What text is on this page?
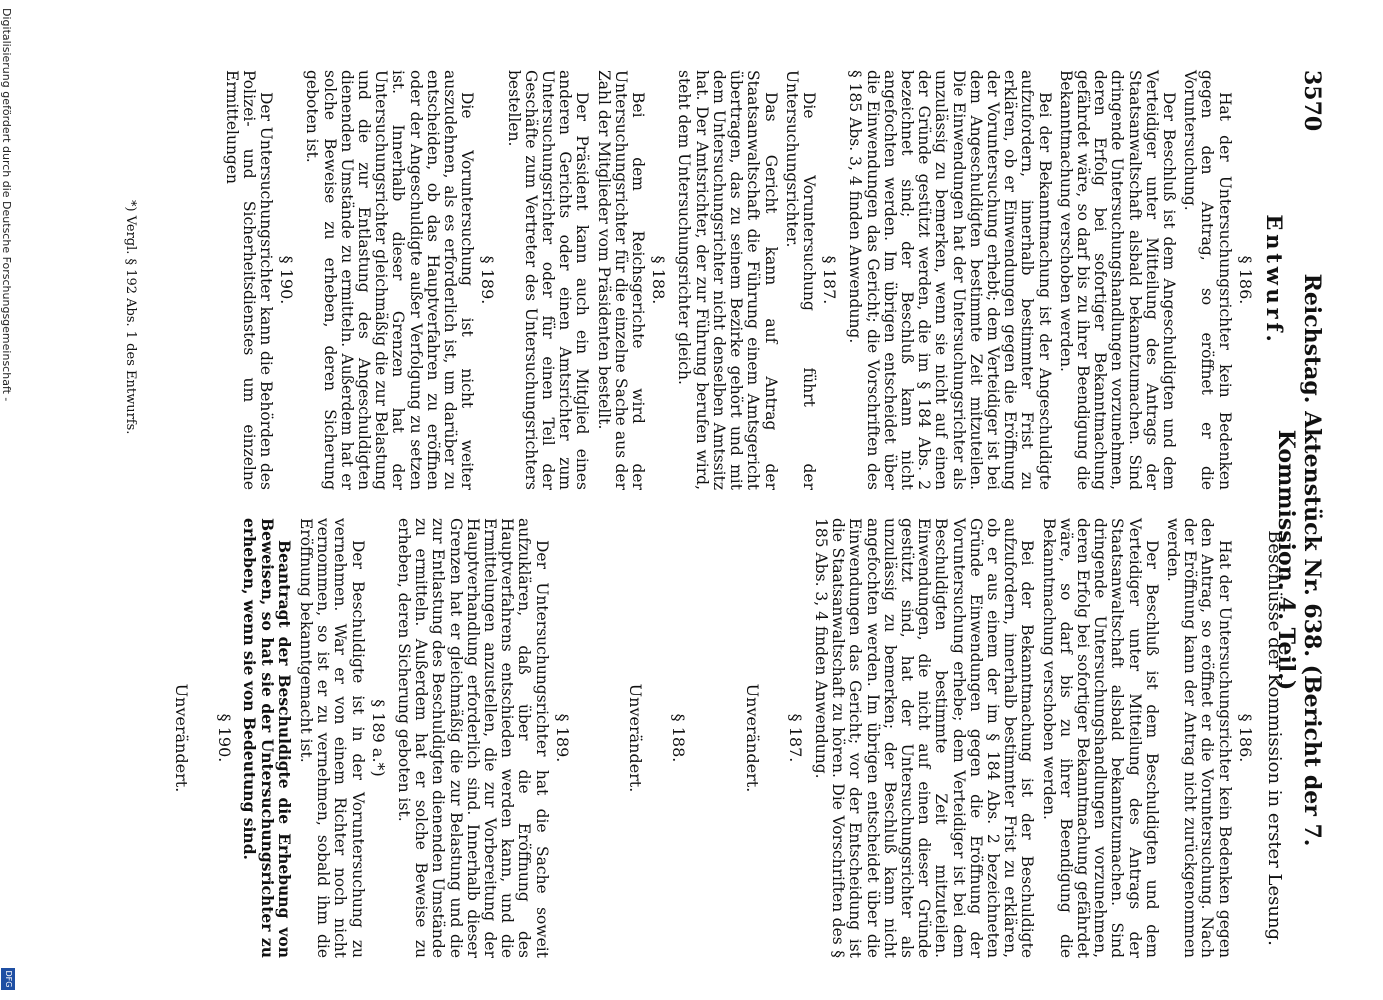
3570
Reichstag. Aktenstück Nr. 638. (Bericht der 7. Kommission. 4. Teil.)
Entwurf.
§ 186.

Hat der Untersuchungsrichter kein Bedenken gegen den Antrag, so eröffnet er die Voruntersuchung.

Der Beschluß ist dem Angeschuldigten und dem Verteidiger unter Mitteilung des Antrags der Staatsanwaltschaft alsbald bekanntzumachen. Sind dringende Untersuchungshandlungen vorzunehmen, deren Erfolg bei sofortiger Bekanntmachung gefährdet wäre, so darf bis zu ihrer Beendigung die Bekanntmachung verschoben werden.

Bei der Bekanntmachung ist der Angeschuldigte aufzufordern, innerhalb bestimmter Frist zu erklären, ob er Einwendungen gegen die Eröffnung der Voruntersuchung erhebt; dem Verteidiger ist bei dem Angeschuldigten bestimmte Zeit mitzuteilen. Die Einwendungen hat der Untersuchungsrichter als unzulässig zu bemerken, wenn sie nicht auf einen der Gründe gestützt werden, die im § 184 Abs. 2 bezeichnet sind; der Beschluß kann nicht angefochten werden. Im übrigen entscheidet über die Einwendungen das Gericht; die Vorschriften des § 185 Abs. 3, 4 finden Anwendung.

§ 187.

Die Voruntersuchung führt der Untersuchungsrichter.

Das Gericht kann auf Antrag der Staatsanwaltschaft die Führung einem Amtsgericht übertragen, das zu seinem Bezirke gehört und mit dem Untersuchungsrichter nicht denselben Amtssitz hat. Der Amtsrichter, der zur Führung berufen wird, steht dem Untersuchungsrichter gleich.

§ 188.

Bei dem Reichsgerichte wird der Untersuchungsrichter für die einzelne Sache aus der Zahl der Mitglieder vom Präsidenten bestellt.

Der Präsident kann auch ein Mitglied eines anderen Gerichts oder einen Amtsrichter zum Untersuchungsrichter oder für einen Teil der Geschäfte zum Vertreter des Untersuchungsrichters bestellen.

§ 189.

Die Voruntersuchung ist nicht weiter auszudehnen, als es erforderlich ist, um darüber zu entscheiden, ob das Hauptverfahren zu eröffnen oder der Angeschuldigte außer Verfolgung zu setzen ist. Innerhalb dieser Grenzen hat der Untersuchungsrichter gleichmäßig die zur Belastung und die zur Entlastung des Angeschuldigten dienenden Umstände zu ermitteln. Außerdem hat er solche Beweise zu erheben, deren Sicherung geboten ist.

§ 190.

Der Untersuchungsrichter kann die Behörden des Polizei- und Sicherheitsdienstes um einzelne Ermittelungen

Beschlüsse der Kommission in erster Lesung.
§ 186.

Hat der Untersuchungsrichter kein Bedenken gegen den Antrag, so eröffnet er die Voruntersuchung. Nach der Eröffnung kann der Antrag nicht zurückgenommen werden.

Der Beschluß ist dem Beschuldigten und dem Verteidiger unter Mitteilung des Antrags der Staatsanwaltschaft alsbald bekanntzumachen. Sind dringende Untersuchungshandlungen vorzunehmen, deren Erfolg bei sofortiger Bekanntmachung gefährdet wäre, so darf bis zu ihrer Beendigung die Bekanntmachung verschoben werden.

Bei der Bekanntmachung ist der Beschuldigte aufzufordern, innerhalb bestimmter Frist zu erklären, ob er aus einem der im § 184 Abs. 2 bezeichneten Gründe Einwendungen gegen die Eröffnung der Voruntersuchung erhebe; dem Verteidiger ist bei dem Beschuldigten bestimmte Zeit mitzuteilen. Einwendungen, die nicht auf einen dieser Gründe gestützt sind, hat der Untersuchungsrichter als unzulässig zu bemerken; der Beschluß kann nicht angefochten werden. Im übrigen entscheidet über die Einwendungen das Gericht; vor der Entscheidung ist die Staatsanwaltschaft zu hören. Die Vorschriften des § 185 Abs. 3, 4 finden Anwendung.

§ 187.
Unverändert.
§ 188.
Unverändert.
§ 189.

Der Untersuchungsrichter hat die Sache soweit aufzuklären, daß über die Eröffnung des Hauptverfahrens entschieden werden kann, und die Ermittelungen anzustellen, die zur Vorbereitung der Hauptverhandlung erforderlich sind. Innerhalb dieser Grenzen hat er gleichmäßig die zur Belastung und die zur Entlastung des Beschuldigten dienenden Umstände zu ermitteln. Außerdem hat er solche Beweise zu erheben, deren Sicherung geboten ist.

§ 189 a.*)

Der Beschuldigte ist in der Voruntersuchung zu vernehmen. War er von einem Richter noch nicht vernommen, so ist er zu vernehmen, sobald ihm die Eröffnung bekanntgemacht ist.

Beantragt der Beschuldigte die Erhebung von Beweisen, so hat sie der Untersuchungsrichter zu erheben, wenn sie von Bedeutung sind.

§ 190.
Unverändert.
*) Vergl. § 192 Abs. 1 des Entwurfs.
Digitalisierung gefördert durch die Deutsche Forschungsgemeinschaft -
DFG
